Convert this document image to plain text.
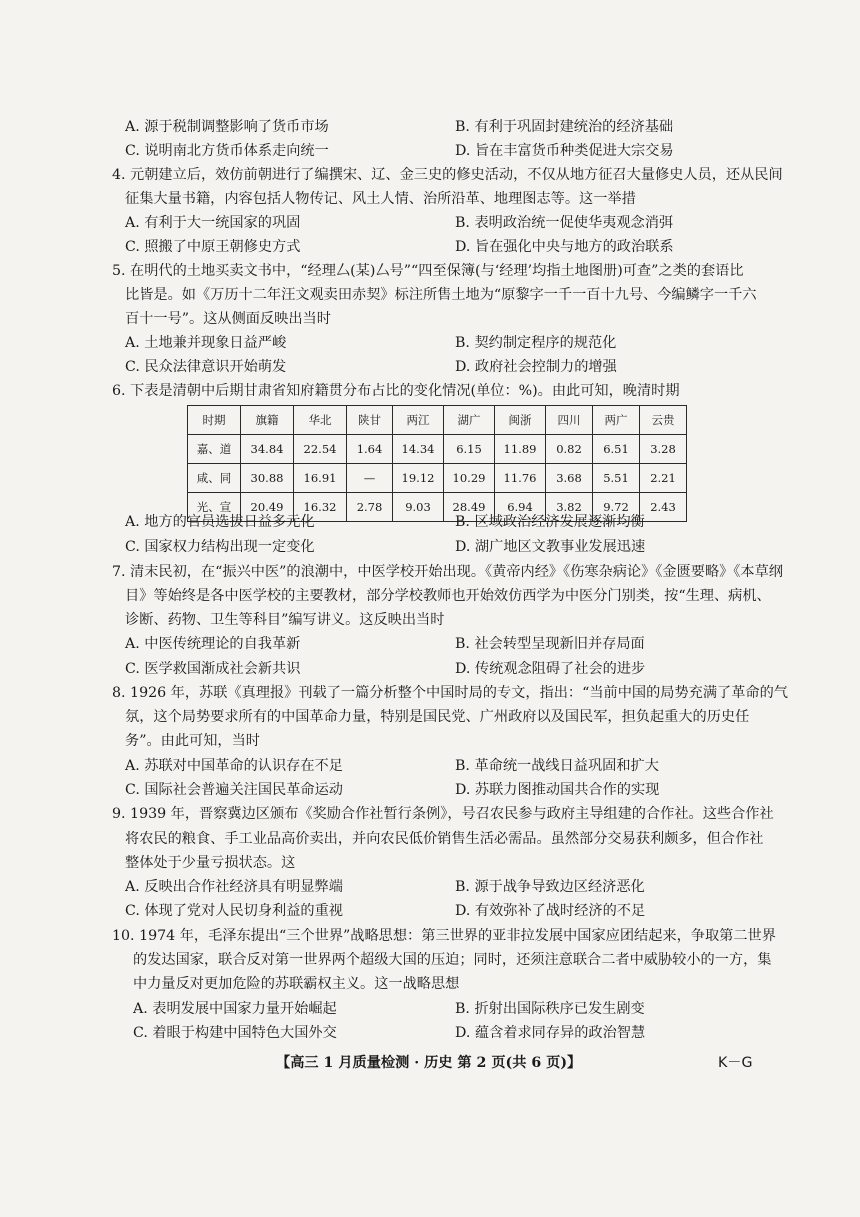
A. 源于税制调整影响了货币市场	B. 有利于巩固封建统治的经济基础
C. 说明南北方货币体系走向统一	D. 旨在丰富货币种类促进大宗交易
4. 元朝建立后，效仿前朝进行了编撰宋、辽、金三史的修史活动，不仅从地方征召大量修史人员，还从民间
征集大量书籍，内容包括人物传记、风土人情、治所沿革、地理图志等。这一举措
A. 有利于大一统国家的巩固	B. 表明政治统一促使华夷观念消弭
C. 照搬了中原王朝修史方式	D. 旨在强化中央与地方的政治联系
5. 在明代的土地买卖文书中，“经理厶(某)厶号”“四至保簿(与‘经理’均指土地图册)可查”之类的套语比
比皆是。如《万历十二年汪文观卖田赤契》标注所售土地为“原黎字一千一百十九号、今编鳞字一千六
百十一号”。这从侧面反映出当时
A. 土地兼并现象日益严峻	B. 契约制定程序的规范化
C. 民众法律意识开始萌发	D. 政府社会控制力的增强
6. 下表是清朝中后期甘肃省知府籍贯分布占比的变化情况(单位：%)。由此可知，晚清时期
时期	旗籍	华北	陕甘	两江	湖广	闽浙	四川	两广	云贵
嘉、道	34.84	22.54	1.64	14.34	6.15	11.89	0.82	6.51	3.28
咸、同	30.88	16.91	—	19.12	10.29	11.76	3.68	5.51	2.21
光、宣	20.49	16.32	2.78	9.03	28.49	6.94	3.82	9.72	2.43
A. 地方的官员选拔日益多元化	B. 区域政治经济发展逐渐均衡
C. 国家权力结构出现一定变化	D. 湖广地区文教事业发展迅速
7. 清末民初，在“振兴中医”的浪潮中，中医学校开始出现。《黄帝内经》《伤寒杂病论》《金匮要略》《本草纲
目》等始终是各中医学校的主要教材，部分学校教师也开始效仿西学为中医分门别类，按“生理、病机、
诊断、药物、卫生等科目”编写讲义。这反映出当时
A. 中医传统理论的自我革新	B. 社会转型呈现新旧并存局面
C. 医学救国渐成社会新共识	D. 传统观念阻碍了社会的进步
8. 1926 年，苏联《真理报》刊载了一篇分析整个中国时局的专文，指出：“当前中国的局势充满了革命的气
氛，这个局势要求所有的中国革命力量，特别是国民党、广州政府以及国民军，担负起重大的历史任
务”。由此可知，当时
A. 苏联对中国革命的认识存在不足	B. 革命统一战线日益巩固和扩大
C. 国际社会普遍关注国民革命运动	D. 苏联力图推动国共合作的实现
9. 1939 年，晋察冀边区颁布《奖励合作社暂行条例》，号召农民参与政府主导组建的合作社。这些合作社
将农民的粮食、手工业品高价卖出，并向农民低价销售生活必需品。虽然部分交易获利颇多，但合作社
整体处于少量亏损状态。这
A. 反映出合作社经济具有明显弊端	B. 源于战争导致边区经济恶化
C. 体现了党对人民切身利益的重视	D. 有效弥补了战时经济的不足
10. 1974 年，毛泽东提出“三个世界”战略思想：第三世界的亚非拉发展中国家应团结起来，争取第二世界
的发达国家，联合反对第一世界两个超级大国的压迫；同时，还须注意联合二者中威胁较小的一方，集
中力量反对更加危险的苏联霸权主义。这一战略思想
A. 表明发展中国家力量开始崛起	B. 折射出国际秩序已发生剧变
C. 着眼于构建中国特色大国外交	D. 蕴含着求同存异的政治智慧
【高三 1 月质量检测 · 历史 第 2 页(共 6 页)】	K－G
